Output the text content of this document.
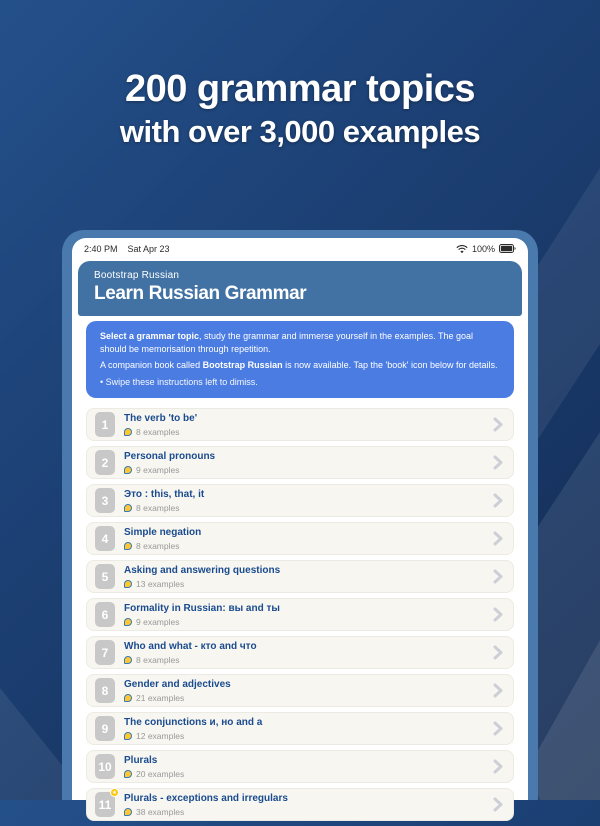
200 grammar topics
with over 3,000 examples
2:40 PM Sat Apr 23	100%
Bootstrap Russian
Learn Russian Grammar

Select a grammar topic, study the grammar and immerse yourself in the examples. The goal should be memorisation through repetition.

A companion book called Bootstrap Russian is now available. Tap the 'book' icon below for details.

• Swipe these instructions left to dimiss.

1 The verb 'to be'
8 examples
2 Personal pronouns
9 examples
3 Это : this, that, it
8 examples
4 Simple negation
8 examples
5 Asking and answering questions
13 examples
6 Formality in Russian: вы and ты
9 examples
7 Who and what - кто and что
8 examples
8 Gender and adjectives
21 examples
9 The conjunctions и, но and a
12 examples
10 Plurals
20 examples
11
★
Plurals - exceptions and irregulars
38 examples
